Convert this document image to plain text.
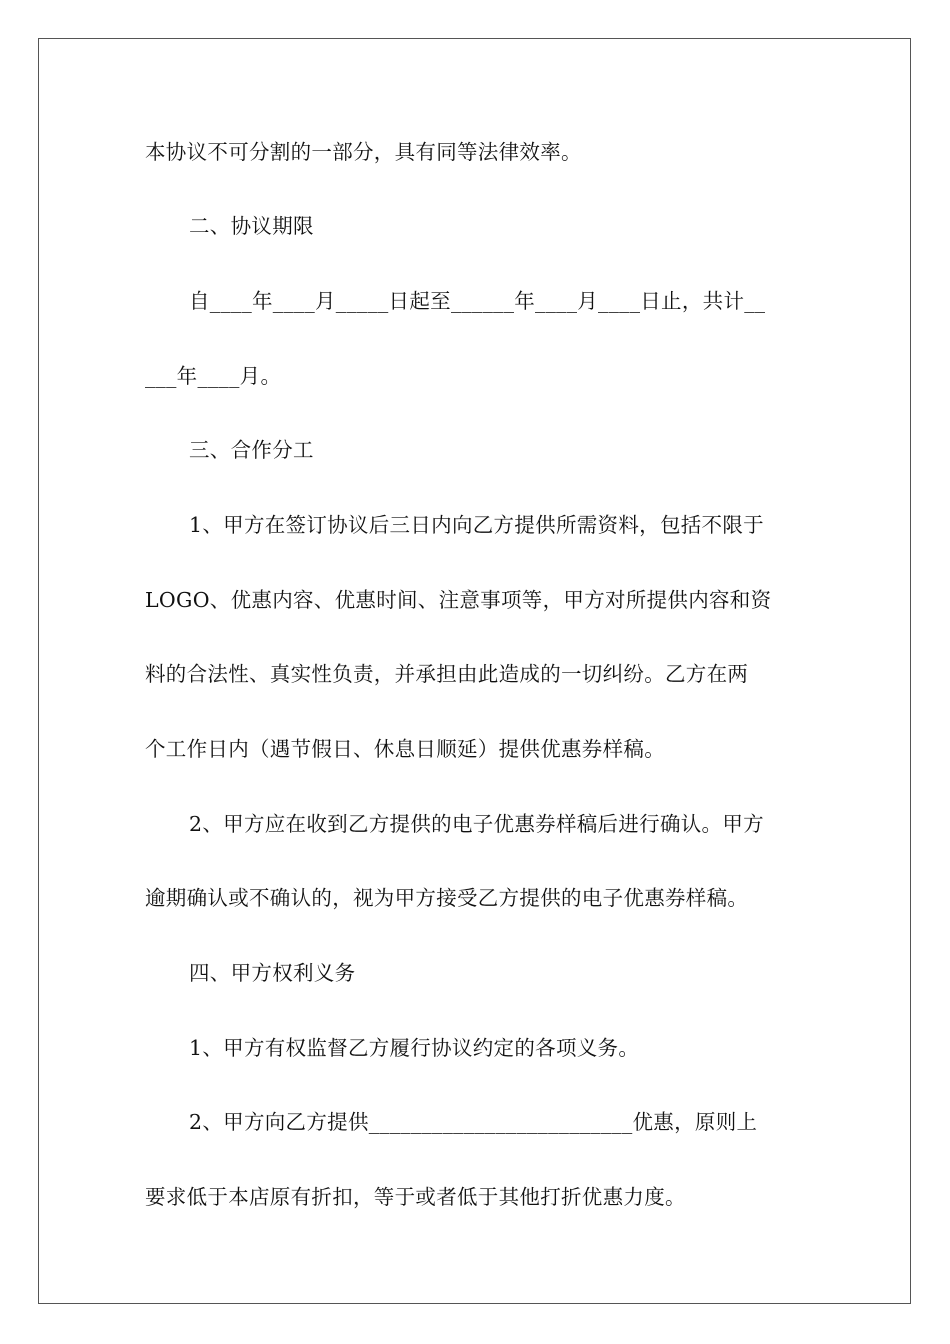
本协议不可分割的一部分，具有同等法律效率。
二、协议期限
自____年____月_____日起至______年____月____日止，共计__
___年____月。
三、合作分工
1、甲方在签订协议后三日内向乙方提供所需资料，包括不限于
LOGO、优惠内容、优惠时间、注意事项等，甲方对所提供内容和资
料的合法性、真实性负责，并承担由此造成的一切纠纷。乙方在两
个工作日内（遇节假日、休息日顺延）提供优惠券样稿。
2、甲方应在收到乙方提供的电子优惠券样稿后进行确认。甲方
逾期确认或不确认的，视为甲方接受乙方提供的电子优惠券样稿。
四、甲方权利义务
1、甲方有权监督乙方履行协议约定的各项义务。
2、甲方向乙方提供_________________________优惠，原则上
要求低于本店原有折扣，等于或者低于其他打折优惠力度。
